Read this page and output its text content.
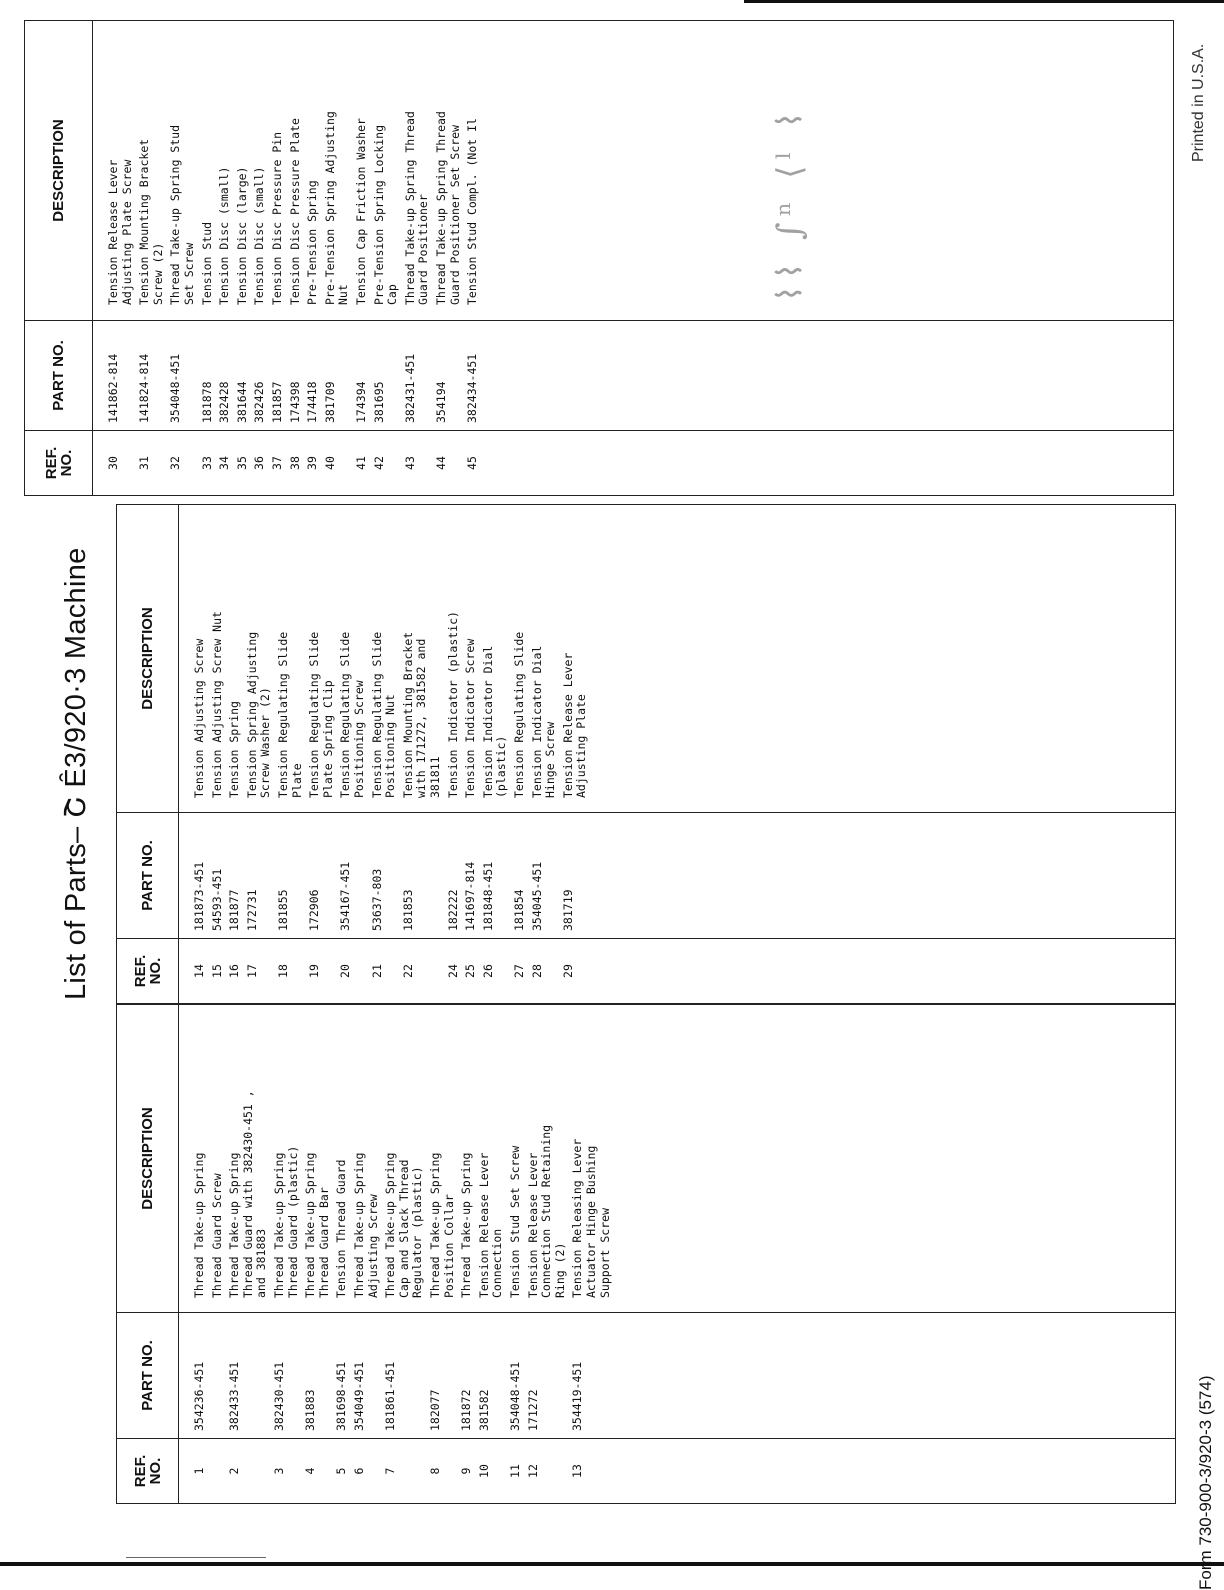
List of Parts– Շ Ȇ3/920·3 Machine
REF.
NO.
PART NO.
DESCRIPTION
1
354236-451
Thread Take-up Spring Thread Guard Screw
2
382433-451
Thread Take-up Spring Thread Guard with 382430-451 , and 381883
3
382430-451
Thread Take-up Spring Thread Guard (plastic)
4
381883
Thread Take-up Spring Thread Guard Bar
5
381698-451
Tension Thread Guard
6
354049-451
Thread Take-up Spring Adjusting Screw
7
181861-451
Thread Take-up Spring Cap and Slack Thread Regulator (plastic)
8
182077
Thread Take-up Spring Position Collar
9
181872
Thread Take-up Spring
10
381582
Tension Release Lever Connection
11
354048-451
Tension Stud Set Screw
12
171272
Tension Release Lever Connection Stud Retaining Ring (2)
13
354419-451
Tension Releasing Lever Actuator Hinge Bushing Support Screw
REF.
NO.
PART NO.
DESCRIPTION
14
181873-451
Tension Adjusting Screw
15
54593-451
Tension Adjusting Screw Nut
16
181877
Tension Spring
17
172731
Tension Spring Adjusting Screw Washer (2)
18
181855
Tension Regulating Slide Plate
19
172906
Tension Regulating Slide Plate Spring Clip
20
354167-451
Tension Regulating Slide Positioning Screw
21
53637-803
Tension Regulating Slide Positioning Nut
22
181853
Tension Mounting Bracket with 171272, 381582 and 381811
24
182222
Tension Indicator (plastic)
25
141697-814
Tension Indicator Screw
26
181848-451
Tension Indicator Dial (plastic)
27
181854
Tension Regulating Slide
28
354045-451
Tension Indicator Dial Hinge Screw
29
381719
Tension Release Lever Adjusting Plate
REF.
NO.
PART NO.
DESCRIPTION
30
141862-814
Tension Release Lever Adjusting Plate Screw
31
141824-814
Tension Mounting Bracket Screw (2)
32
354048-451
Thread Take-up Spring Stud Set Screw
33
181878
Tension Stud
34
382428
Tension Disc (small)
35
381644
Tension Disc (large)
36
382426
Tension Disc (small)
37
181857
Tension Disc Pressure Pin
38
174398
Tension Disc Pressure Plate
39
174418
Pre-Tension Spring
40
381709
Pre-Tension Spring Adjusting Nut
41
174394
Tension Cap Friction Washer
42
381695
Pre-Tension Spring Locking Cap
43
382431-451
Thread Take-up Spring Thread Guard Positioner
44
354194
Thread Take-up Spring Thread Guard Positioner Set Screw
45
382434-451
Tension Stud Compl. (Not Il	⌇⌇ ∫ⁿ ⟨ˡ ⌇
Form 730-900-3/920-3 (574)
Printed in U.S.A.
